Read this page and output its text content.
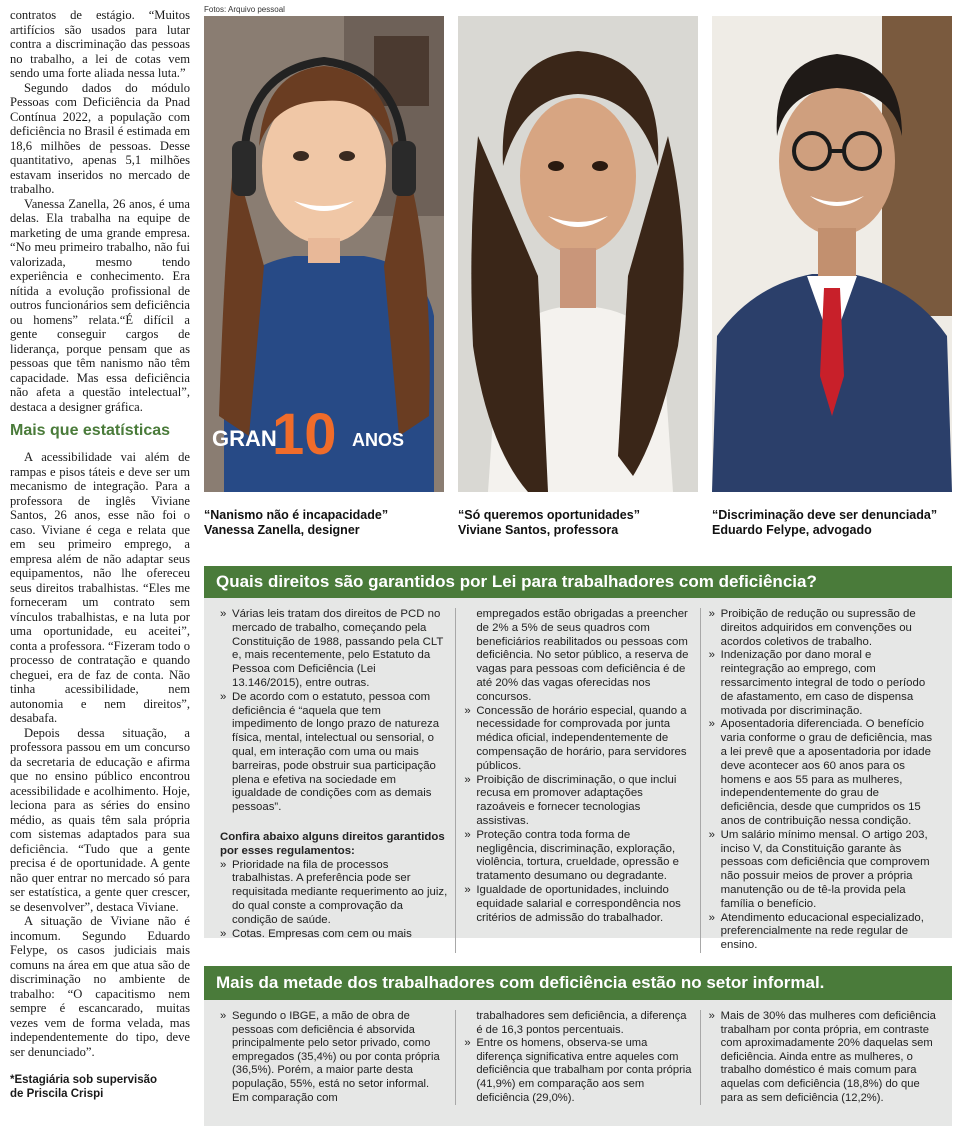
contratos de estágio. “Muitos artifícios são usados para lutar contra a discriminação das pessoas no trabalho, a lei de cotas vem sendo uma forte aliada nessa luta.”

Segundo dados do módulo Pessoas com Deficiência da Pnad Contínua 2022, a população com deficiência no Brasil é estimada em 18,6 milhões de pessoas. Desse quantitativo, apenas 5,1 milhões estavam inseridos no mercado de trabalho.

Vanessa Zanella, 26 anos, é uma delas. Ela trabalha na equipe de marketing de uma grande empresa. “No meu primeiro trabalho, não fui valorizada, mesmo tendo experiência e conhecimento. Era nítida a evolução profissional de outros funcionários sem deficiência ou homens” relata.“É difícil a gente conseguir cargos de liderança, porque pensam que as pessoas que têm nanismo não têm capacidade. Mas essa deficiência não afeta a questão intelectual”, destaca a designer gráfica.

Mais que estatísticas

A acessibilidade vai além de rampas e pisos táteis e deve ser um mecanismo de integração. Para a professora de inglês Viviane Santos, 26 anos, esse não foi o caso. Viviane é cega e relata que em seu primeiro emprego, a empresa além de não adaptar seus equipamentos, não lhe ofereceu seus direitos trabalhistas. “Eles me forneceram um contrato sem vínculos trabalhistas, e na luta por uma oportunidade, eu aceitei”, conta a professora. “Fizeram todo o processo de contratação e quando cheguei, era de faz de conta. Não tinha acessibilidade, nem autonomia e nem direitos”, desabafa.

Depois dessa situação, a professora passou em um concurso da secretaria de educação e afirma que no ensino público encontrou acessibilidade e acolhimento. Hoje, leciona para as séries do ensino médio, as quais têm sala própria com sistemas adaptados para sua deficiência. “Tudo que a gente precisa é de oportunidade. A gente não quer entrar no mercado só para ser estatística, a gente quer crescer, se desenvolver”, destaca Viviane.

A situação de Viviane não é incomum. Segundo Eduardo Felype, os casos judiciais mais comuns na área em que atua são de discriminação no ambiente de trabalho: “O capacitismo nem sempre é escancarado, muitas vezes vem de forma velada, mas independentemente do tipo, deve ser denunciado”.

*Estagiária sob supervisão
de Priscila Crispi
Fotos: Arquivo pessoal
GRAN
10 ANOS
“Nanismo não é incapacidade”
Vanessa Zanella, designer
“Só queremos oportunidades”
Viviane Santos, professora
“Discriminação deve ser denunciada”
Eduardo Felype, advogado
Quais direitos são garantidos por Lei para trabalhadores com deficiência?
» Várias leis tratam dos direitos de PCD no mercado de trabalho, começando pela Constituição de 1988, passando pela CLT e, mais recentemente, pelo Estatuto da Pessoa com Deficiência (Lei 13.146/2015), entre outras.
» De acordo com o estatuto, pessoa com deficiência é “aquela que tem impedimento de longo prazo de natureza física, mental, intelectual ou sensorial, o qual, em interação com uma ou mais barreiras, pode obstruir sua participação plena e efetiva na sociedade em igualdade de condições com as demais pessoas”.
Confira abaixo alguns direitos garantidos por esses regulamentos:
» Prioridade na fila de processos trabalhistas. A preferência pode ser requisitada mediante requerimento ao juiz, do qual conste a comprovação da condição de saúde.
» Cotas. Empresas com cem ou mais
empregados estão obrigadas a preencher de 2% a 5% de seus quadros com beneficiários reabilitados ou pessoas com deficiência. No setor público, a reserva de vagas para pessoas com deficiência é de até 20% das vagas oferecidas nos concursos.
» Concessão de horário especial, quando a necessidade for comprovada por junta médica oficial, independentemente de compensação de horário, para servidores públicos.
» Proibição de discriminação, o que inclui recusa em promover adaptações razoáveis e fornecer tecnologias assistivas.
» Proteção contra toda forma de negligência, discriminação, exploração, violência, tortura, crueldade, opressão e tratamento desumano ou degradante.
» Igualdade de oportunidades, incluindo equidade salarial e correspondência nos critérios de admissão do trabalhador.
» Proibição de redução ou supressão de direitos adquiridos em convenções ou acordos coletivos de trabalho.
» Indenização por dano moral e reintegração ao emprego, com ressarcimento integral de todo o período de afastamento, em caso de dispensa motivada por discriminação.
» Aposentadoria diferenciada. O benefício varia conforme o grau de deficiência, mas a lei prevê que a aposentadoria por idade deve acontecer aos 60 anos para os homens e aos 55 para as mulheres, independentemente do grau de deficiência, desde que cumpridos os 15 anos de contribuição nessa condição.
» Um salário mínimo mensal. O artigo 203, inciso V, da Constituição garante às pessoas com deficiência que comprovem não possuir meios de prover a própria manutenção ou de tê-la provida pela família o benefício.
» Atendimento educacional especializado, preferencialmente na rede regular de ensino.
Mais da metade dos trabalhadores com deficiência estão no setor informal.
» Segundo o IBGE, a mão de obra de pessoas com deficiência é absorvida principalmente pelo setor privado, como empregados (35,4%) ou por conta própria (36,5%). Porém, a maior parte desta população, 55%, está no setor informal. Em comparação com
trabalhadores sem deficiência, a diferença é de 16,3 pontos percentuais.
» Entre os homens, observa-se uma diferença significativa entre aqueles com deficiência que trabalham por conta própria (41,9%) em comparação aos sem deficiência (29,0%).
» Mais de 30% das mulheres com deficiência trabalham por conta própria, em contraste com aproximadamente 20% daquelas sem deficiência. Ainda entre as mulheres, o trabalho doméstico é mais comum para aquelas com deficiência (18,8%) do que para as sem deficiência (12,2%).
